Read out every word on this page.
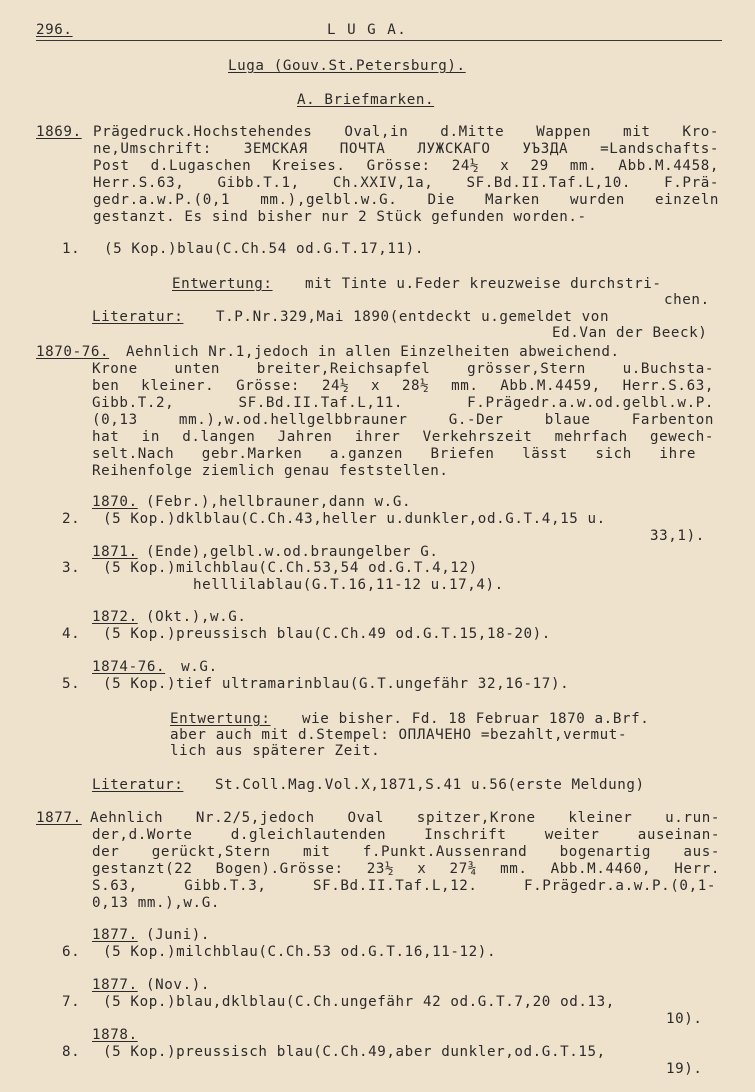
296.	L U G A.
Luga (Gouv.St.Petersburg).
A. Briefmarken.
1869. Prägedruck.Hochstehendes Oval,in d.Mitte Wappen mit Kro-
ne,Umschrift: ЗЕМСКАЯ ПОЧТА ЛУЖСКАГО УЪЗДА =Landschafts-
Post d.Lugaschen Kreises. Grösse: 24½ x 29 mm. Abb.M.4458,
Herr.S.63, Gibb.T.1, Ch.XXIV,1a, SF.Bd.II.Taf.L,10. F.Prä-
gedr.a.w.P.(0,1 mm.),gelbl.w.G. Die Marken wurden einzeln
gestanzt. Es sind bisher nur 2 Stück gefunden worden.-
1. (5 Kop.)blau(C.Ch.54 od.G.T.17,11).
Entwertung: mit Tinte u.Feder kreuzweise durchstri-
chen.
Literatur: T.P.Nr.329,Mai 1890(entdeckt u.gemeldet von
Ed.Van der Beeck)
1870-76. Aehnlich Nr.1,jedoch in allen Einzelheiten abweichend.
Krone unten breiter,Reichsapfel grösser,Stern u.Buchsta-
ben kleiner. Grösse: 24½ x 28½ mm. Abb.M.4459, Herr.S.63,
Gibb.T.2, SF.Bd.II.Taf.L,11. F.Prägedr.a.w.od.gelbl.w.P.
(0,13 mm.),w.od.hellgelbbrauner G.-Der blaue Farbenton
hat in d.langen Jahren ihrer Verkehrszeit mehrfach gewech-
selt.Nach gebr.Marken a.ganzen Briefen lässt sich ihre
Reihenfolge ziemlich genau feststellen.
1870. (Febr.),hellbrauner,dann w.G.
2. (5 Kop.)dklblau(C.Ch.43,heller u.dunkler,od.G.T.4,15 u.
33,1).
1871. (Ende),gelbl.w.od.braungelber G.
3. (5 Kop.)milchblau(C.Ch.53,54 od.G.T.4,12)
helllilablau(G.T.16,11-12 u.17,4).
1872. (Okt.),w.G.
4. (5 Kop.)preussisch blau(C.Ch.49 od.G.T.15,18-20).
1874-76. w.G.
5. (5 Kop.)tief ultramarinblau(G.T.ungefähr 32,16-17).
Entwertung: wie bisher. Fd. 18 Februar 1870 a.Brf.
aber auch mit d.Stempel: ОПЛАЧЕНО =bezahlt,vermut-
lich aus späterer Zeit.
Literatur: St.Coll.Mag.Vol.X,1871,S.41 u.56(erste Meldung)
1877. Aehnlich Nr.2/5,jedoch Oval spitzer,Krone kleiner u.run-
der,d.Worte d.gleichlautenden Inschrift weiter auseinan-
der gerückt,Stern mit f.Punkt.Aussenrand bogenartig aus-
gestanzt(22 Bogen).Grösse: 23½ x 27¾ mm. Abb.M.4460, Herr.
S.63, Gibb.T.3, SF.Bd.II.Taf.L,12. F.Prägedr.a.w.P.(0,1-
0,13 mm.),w.G.
1877. (Juni).
6. (5 Kop.)milchblau(C.Ch.53 od.G.T.16,11-12).
1877. (Nov.).
7. (5 Kop.)blau,dklblau(C.Ch.ungefähr 42 od.G.T.7,20 od.13,
10).
1878.
8. (5 Kop.)preussisch blau(C.Ch.49,aber dunkler,od.G.T.15,
19).
